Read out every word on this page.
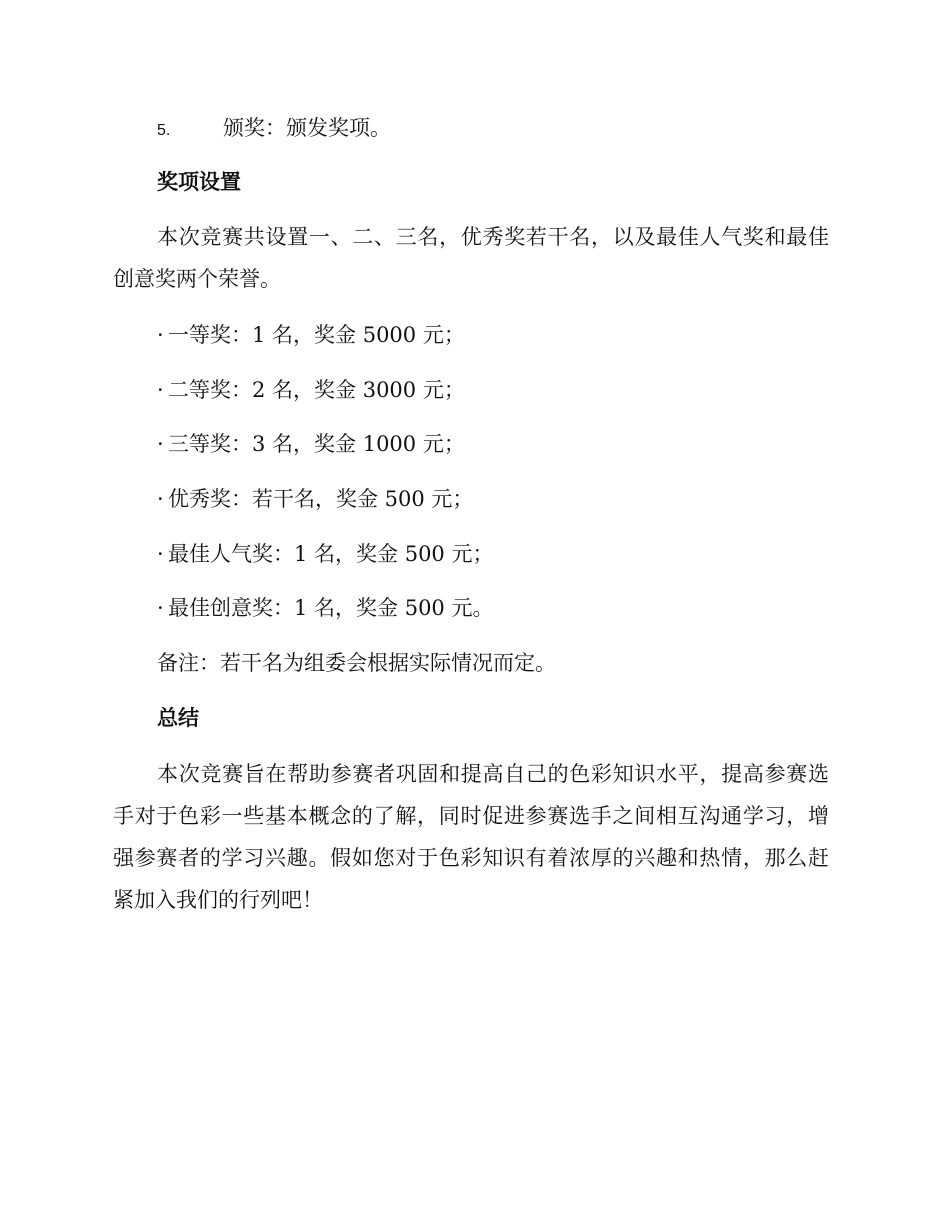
5.	颁奖：颁发奖项。
奖项设置
本次竞赛共设置一、二、三名，优秀奖若干名，以及最佳人气奖和最佳
创意奖两个荣誉。
· 一等奖：1 名，奖金 5000 元；
· 二等奖：2 名，奖金 3000 元；
· 三等奖：3 名，奖金 1000 元；
· 优秀奖：若干名，奖金 500 元；
· 最佳人气奖：1 名，奖金 500 元；
· 最佳创意奖：1 名，奖金 500 元。
备注：若干名为组委会根据实际情况而定。
总结
本次竞赛旨在帮助参赛者巩固和提高自己的色彩知识水平，提高参赛选
手对于色彩一些基本概念的了解，同时促进参赛选手之间相互沟通学习，增
强参赛者的学习兴趣。假如您对于色彩知识有着浓厚的兴趣和热情，那么赶
紧加入我们的行列吧！
